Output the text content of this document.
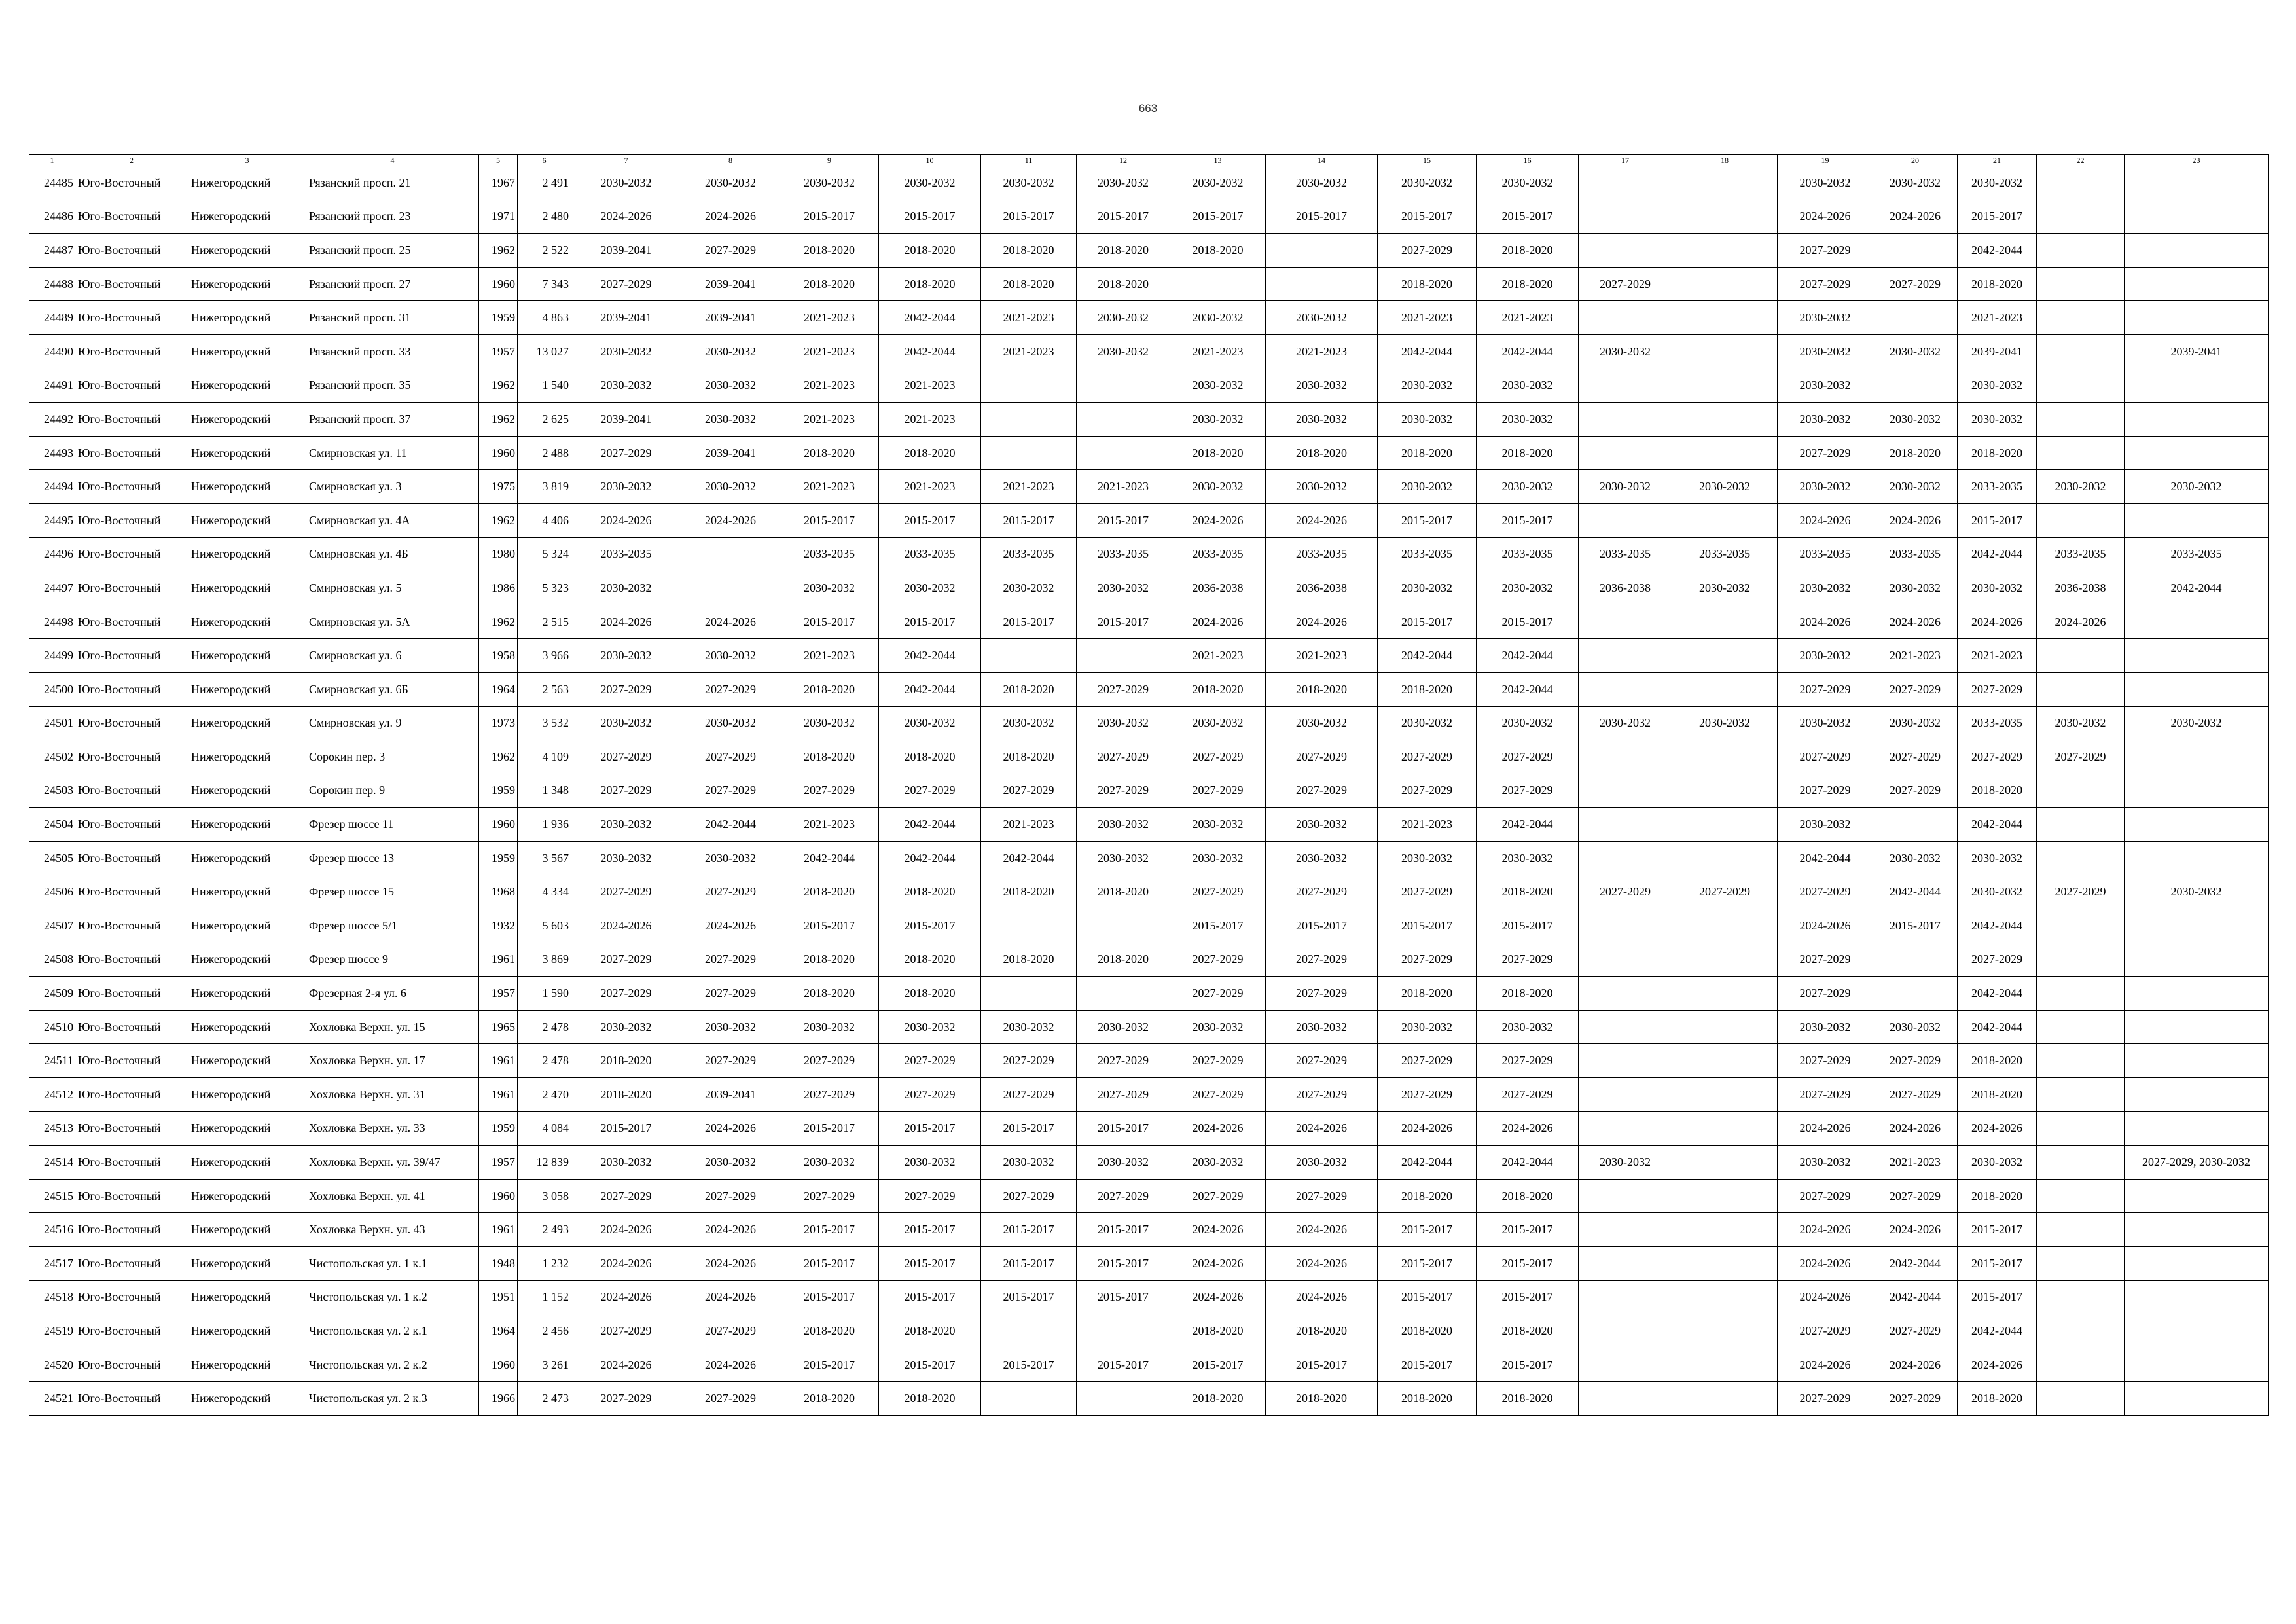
663
1	2	3	4	5	6	7	8	9	10	11	12	13	14	15	16	17	18	19	20	21	22	23
24485	Юго-Восточный	Нижегородский	Рязанский просп. 21	1967	2 491	2030-2032	2030-2032	2030-2032	2030-2032	2030-2032	2030-2032	2030-2032	2030-2032	2030-2032	2030-2032			2030-2032	2030-2032	2030-2032		
24486	Юго-Восточный	Нижегородский	Рязанский просп. 23	1971	2 480	2024-2026	2024-2026	2015-2017	2015-2017	2015-2017	2015-2017	2015-2017	2015-2017	2015-2017	2015-2017			2024-2026	2024-2026	2015-2017		
24487	Юго-Восточный	Нижегородский	Рязанский просп. 25	1962	2 522	2039-2041	2027-2029	2018-2020	2018-2020	2018-2020	2018-2020	2018-2020		2027-2029	2018-2020			2027-2029		2042-2044		
24488	Юго-Восточный	Нижегородский	Рязанский просп. 27	1960	7 343	2027-2029	2039-2041	2018-2020	2018-2020	2018-2020	2018-2020			2018-2020	2018-2020	2027-2029		2027-2029	2027-2029	2018-2020		
24489	Юго-Восточный	Нижегородский	Рязанский просп. 31	1959	4 863	2039-2041	2039-2041	2021-2023	2042-2044	2021-2023	2030-2032	2030-2032	2030-2032	2021-2023	2021-2023			2030-2032		2021-2023		
24490	Юго-Восточный	Нижегородский	Рязанский просп. 33	1957	13 027	2030-2032	2030-2032	2021-2023	2042-2044	2021-2023	2030-2032	2021-2023	2021-2023	2042-2044	2042-2044	2030-2032		2030-2032	2030-2032	2039-2041		2039-2041
24491	Юго-Восточный	Нижегородский	Рязанский просп. 35	1962	1 540	2030-2032	2030-2032	2021-2023	2021-2023			2030-2032	2030-2032	2030-2032	2030-2032			2030-2032		2030-2032		
24492	Юго-Восточный	Нижегородский	Рязанский просп. 37	1962	2 625	2039-2041	2030-2032	2021-2023	2021-2023			2030-2032	2030-2032	2030-2032	2030-2032			2030-2032	2030-2032	2030-2032		
24493	Юго-Восточный	Нижегородский	Смирновская ул. 11	1960	2 488	2027-2029	2039-2041	2018-2020	2018-2020			2018-2020	2018-2020	2018-2020	2018-2020			2027-2029	2018-2020	2018-2020		
24494	Юго-Восточный	Нижегородский	Смирновская ул. 3	1975	3 819	2030-2032	2030-2032	2021-2023	2021-2023	2021-2023	2021-2023	2030-2032	2030-2032	2030-2032	2030-2032	2030-2032	2030-2032	2030-2032	2030-2032	2033-2035	2030-2032	2030-2032
24495	Юго-Восточный	Нижегородский	Смирновская ул. 4А	1962	4 406	2024-2026	2024-2026	2015-2017	2015-2017	2015-2017	2015-2017	2024-2026	2024-2026	2015-2017	2015-2017			2024-2026	2024-2026	2015-2017		
24496	Юго-Восточный	Нижегородский	Смирновская ул. 4Б	1980	5 324	2033-2035		2033-2035	2033-2035	2033-2035	2033-2035	2033-2035	2033-2035	2033-2035	2033-2035	2033-2035	2033-2035	2033-2035	2033-2035	2042-2044	2033-2035	2033-2035
24497	Юго-Восточный	Нижегородский	Смирновская ул. 5	1986	5 323	2030-2032		2030-2032	2030-2032	2030-2032	2030-2032	2036-2038	2036-2038	2030-2032	2030-2032	2036-2038	2030-2032	2030-2032	2030-2032	2030-2032	2036-2038	2042-2044
24498	Юго-Восточный	Нижегородский	Смирновская ул. 5А	1962	2 515	2024-2026	2024-2026	2015-2017	2015-2017	2015-2017	2015-2017	2024-2026	2024-2026	2015-2017	2015-2017			2024-2026	2024-2026	2024-2026	2024-2026	
24499	Юго-Восточный	Нижегородский	Смирновская ул. 6	1958	3 966	2030-2032	2030-2032	2021-2023	2042-2044			2021-2023	2021-2023	2042-2044	2042-2044			2030-2032	2021-2023	2021-2023		
24500	Юго-Восточный	Нижегородский	Смирновская ул. 6Б	1964	2 563	2027-2029	2027-2029	2018-2020	2042-2044	2018-2020	2027-2029	2018-2020	2018-2020	2018-2020	2042-2044			2027-2029	2027-2029	2027-2029		
24501	Юго-Восточный	Нижегородский	Смирновская ул. 9	1973	3 532	2030-2032	2030-2032	2030-2032	2030-2032	2030-2032	2030-2032	2030-2032	2030-2032	2030-2032	2030-2032	2030-2032	2030-2032	2030-2032	2030-2032	2033-2035	2030-2032	2030-2032
24502	Юго-Восточный	Нижегородский	Сорокин пер. 3	1962	4 109	2027-2029	2027-2029	2018-2020	2018-2020	2018-2020	2027-2029	2027-2029	2027-2029	2027-2029	2027-2029			2027-2029	2027-2029	2027-2029	2027-2029	
24503	Юго-Восточный	Нижегородский	Сорокин пер. 9	1959	1 348	2027-2029	2027-2029	2027-2029	2027-2029	2027-2029	2027-2029	2027-2029	2027-2029	2027-2029	2027-2029			2027-2029	2027-2029	2018-2020		
24504	Юго-Восточный	Нижегородский	Фрезер шоссе 11	1960	1 936	2030-2032	2042-2044	2021-2023	2042-2044	2021-2023	2030-2032	2030-2032	2030-2032	2021-2023	2042-2044			2030-2032		2042-2044		
24505	Юго-Восточный	Нижегородский	Фрезер шоссе 13	1959	3 567	2030-2032	2030-2032	2042-2044	2042-2044	2042-2044	2030-2032	2030-2032	2030-2032	2030-2032	2030-2032			2042-2044	2030-2032	2030-2032		
24506	Юго-Восточный	Нижегородский	Фрезер шоссе 15	1968	4 334	2027-2029	2027-2029	2018-2020	2018-2020	2018-2020	2018-2020	2027-2029	2027-2029	2027-2029	2018-2020	2027-2029	2027-2029	2027-2029	2042-2044	2030-2032	2027-2029	2030-2032
24507	Юго-Восточный	Нижегородский	Фрезер шоссе 5/1	1932	5 603	2024-2026	2024-2026	2015-2017	2015-2017			2015-2017	2015-2017	2015-2017	2015-2017			2024-2026	2015-2017	2042-2044		
24508	Юго-Восточный	Нижегородский	Фрезер шоссе 9	1961	3 869	2027-2029	2027-2029	2018-2020	2018-2020	2018-2020	2018-2020	2027-2029	2027-2029	2027-2029	2027-2029			2027-2029		2027-2029		
24509	Юго-Восточный	Нижегородский	Фрезерная 2-я ул. 6	1957	1 590	2027-2029	2027-2029	2018-2020	2018-2020			2027-2029	2027-2029	2018-2020	2018-2020			2027-2029		2042-2044		
24510	Юго-Восточный	Нижегородский	Хохловка Верхн. ул. 15	1965	2 478	2030-2032	2030-2032	2030-2032	2030-2032	2030-2032	2030-2032	2030-2032	2030-2032	2030-2032	2030-2032			2030-2032	2030-2032	2042-2044		
24511	Юго-Восточный	Нижегородский	Хохловка Верхн. ул. 17	1961	2 478	2018-2020	2027-2029	2027-2029	2027-2029	2027-2029	2027-2029	2027-2029	2027-2029	2027-2029	2027-2029			2027-2029	2027-2029	2018-2020		
24512	Юго-Восточный	Нижегородский	Хохловка Верхн. ул. 31	1961	2 470	2018-2020	2039-2041	2027-2029	2027-2029	2027-2029	2027-2029	2027-2029	2027-2029	2027-2029	2027-2029			2027-2029	2027-2029	2018-2020		
24513	Юго-Восточный	Нижегородский	Хохловка Верхн. ул. 33	1959	4 084	2015-2017	2024-2026	2015-2017	2015-2017	2015-2017	2015-2017	2024-2026	2024-2026	2024-2026	2024-2026			2024-2026	2024-2026	2024-2026		
24514	Юго-Восточный	Нижегородский	Хохловка Верхн. ул. 39/47	1957	12 839	2030-2032	2030-2032	2030-2032	2030-2032	2030-2032	2030-2032	2030-2032	2030-2032	2042-2044	2042-2044	2030-2032		2030-2032	2021-2023	2030-2032		2027-2029, 2030-2032
24515	Юго-Восточный	Нижегородский	Хохловка Верхн. ул. 41	1960	3 058	2027-2029	2027-2029	2027-2029	2027-2029	2027-2029	2027-2029	2027-2029	2027-2029	2018-2020	2018-2020			2027-2029	2027-2029	2018-2020		
24516	Юго-Восточный	Нижегородский	Хохловка Верхн. ул. 43	1961	2 493	2024-2026	2024-2026	2015-2017	2015-2017	2015-2017	2015-2017	2024-2026	2024-2026	2015-2017	2015-2017			2024-2026	2024-2026	2015-2017		
24517	Юго-Восточный	Нижегородский	Чистопольская ул. 1 к.1	1948	1 232	2024-2026	2024-2026	2015-2017	2015-2017	2015-2017	2015-2017	2024-2026	2024-2026	2015-2017	2015-2017			2024-2026	2042-2044	2015-2017		
24518	Юго-Восточный	Нижегородский	Чистопольская ул. 1 к.2	1951	1 152	2024-2026	2024-2026	2015-2017	2015-2017	2015-2017	2015-2017	2024-2026	2024-2026	2015-2017	2015-2017			2024-2026	2042-2044	2015-2017		
24519	Юго-Восточный	Нижегородский	Чистопольская ул. 2 к.1	1964	2 456	2027-2029	2027-2029	2018-2020	2018-2020			2018-2020	2018-2020	2018-2020	2018-2020			2027-2029	2027-2029	2042-2044		
24520	Юго-Восточный	Нижегородский	Чистопольская ул. 2 к.2	1960	3 261	2024-2026	2024-2026	2015-2017	2015-2017	2015-2017	2015-2017	2015-2017	2015-2017	2015-2017	2015-2017			2024-2026	2024-2026	2024-2026		
24521	Юго-Восточный	Нижегородский	Чистопольская ул. 2 к.3	1966	2 473	2027-2029	2027-2029	2018-2020	2018-2020			2018-2020	2018-2020	2018-2020	2018-2020			2027-2029	2027-2029	2018-2020		
